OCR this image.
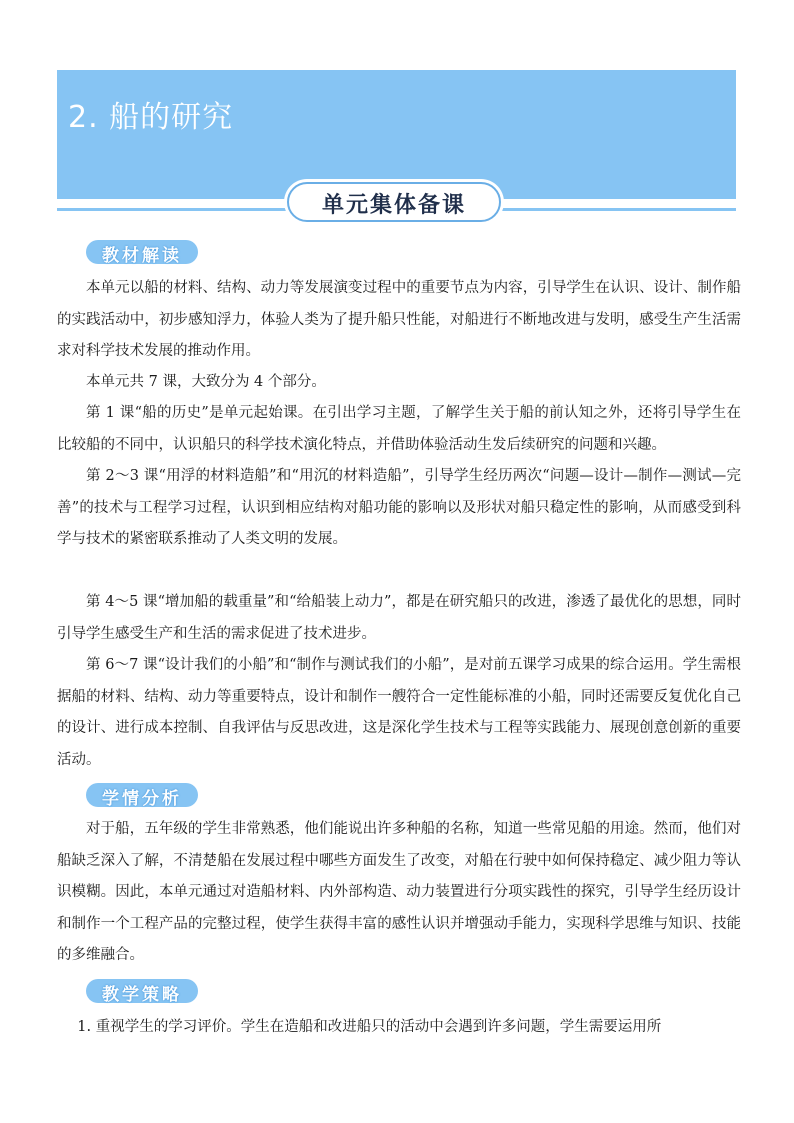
2. 船的研究
单元集体备课
教材解读
本单元以船的材料、结构、动力等发展演变过程中的重要节点为内容，引导学生在认识、设计、制作船的实践活动中，初步感知浮力，体验人类为了提升船只性能，对船进行不断地改进与发明，感受生产生活需求对科学技术发展的推动作用。
本单元共 7 课，大致分为 4 个部分。
第 1 课“船的历史”是单元起始课。在引出学习主题，了解学生关于船的前认知之外，还将引导学生在比较船的不同中，认识船只的科学技术演化特点，并借助体验活动生发后续研究的问题和兴趣。
第 2～3 课“用浮的材料造船”和“用沉的材料造船”，引导学生经历两次“问题—设计—制作—测试—完善”的技术与工程学习过程，认识到相应结构对船功能的影响以及形状对船只稳定性的影响，从而感受到科学与技术的紧密联系推动了人类文明的发展。
第 4～5 课“增加船的载重量”和“给船装上动力”，都是在研究船只的改进，渗透了最优化的思想，同时引导学生感受生产和生活的需求促进了技术进步。
第 6～7 课“设计我们的小船”和“制作与测试我们的小船”，是对前五课学习成果的综合运用。学生需根据船的材料、结构、动力等重要特点，设计和制作一艘符合一定性能标准的小船，同时还需要反复优化自己的设计、进行成本控制、自我评估与反思改进，这是深化学生技术与工程等实践能力、展现创意创新的重要活动。
学情分析
对于船，五年级的学生非常熟悉，他们能说出许多种船的名称，知道一些常见船的用途。然而，他们对船缺乏深入了解，不清楚船在发展过程中哪些方面发生了改变，对船在行驶中如何保持稳定、减少阻力等认识模糊。因此，本单元通过对造船材料、内外部构造、动力装置进行分项实践性的探究，引导学生经历设计和制作一个工程产品的完整过程，使学生获得丰富的感性认识并增强动手能力，实现科学思维与知识、技能的多维融合。
教学策略
1. 重视学生的学习评价。学生在造船和改进船只的活动中会遇到许多问题，学生需要运用所
